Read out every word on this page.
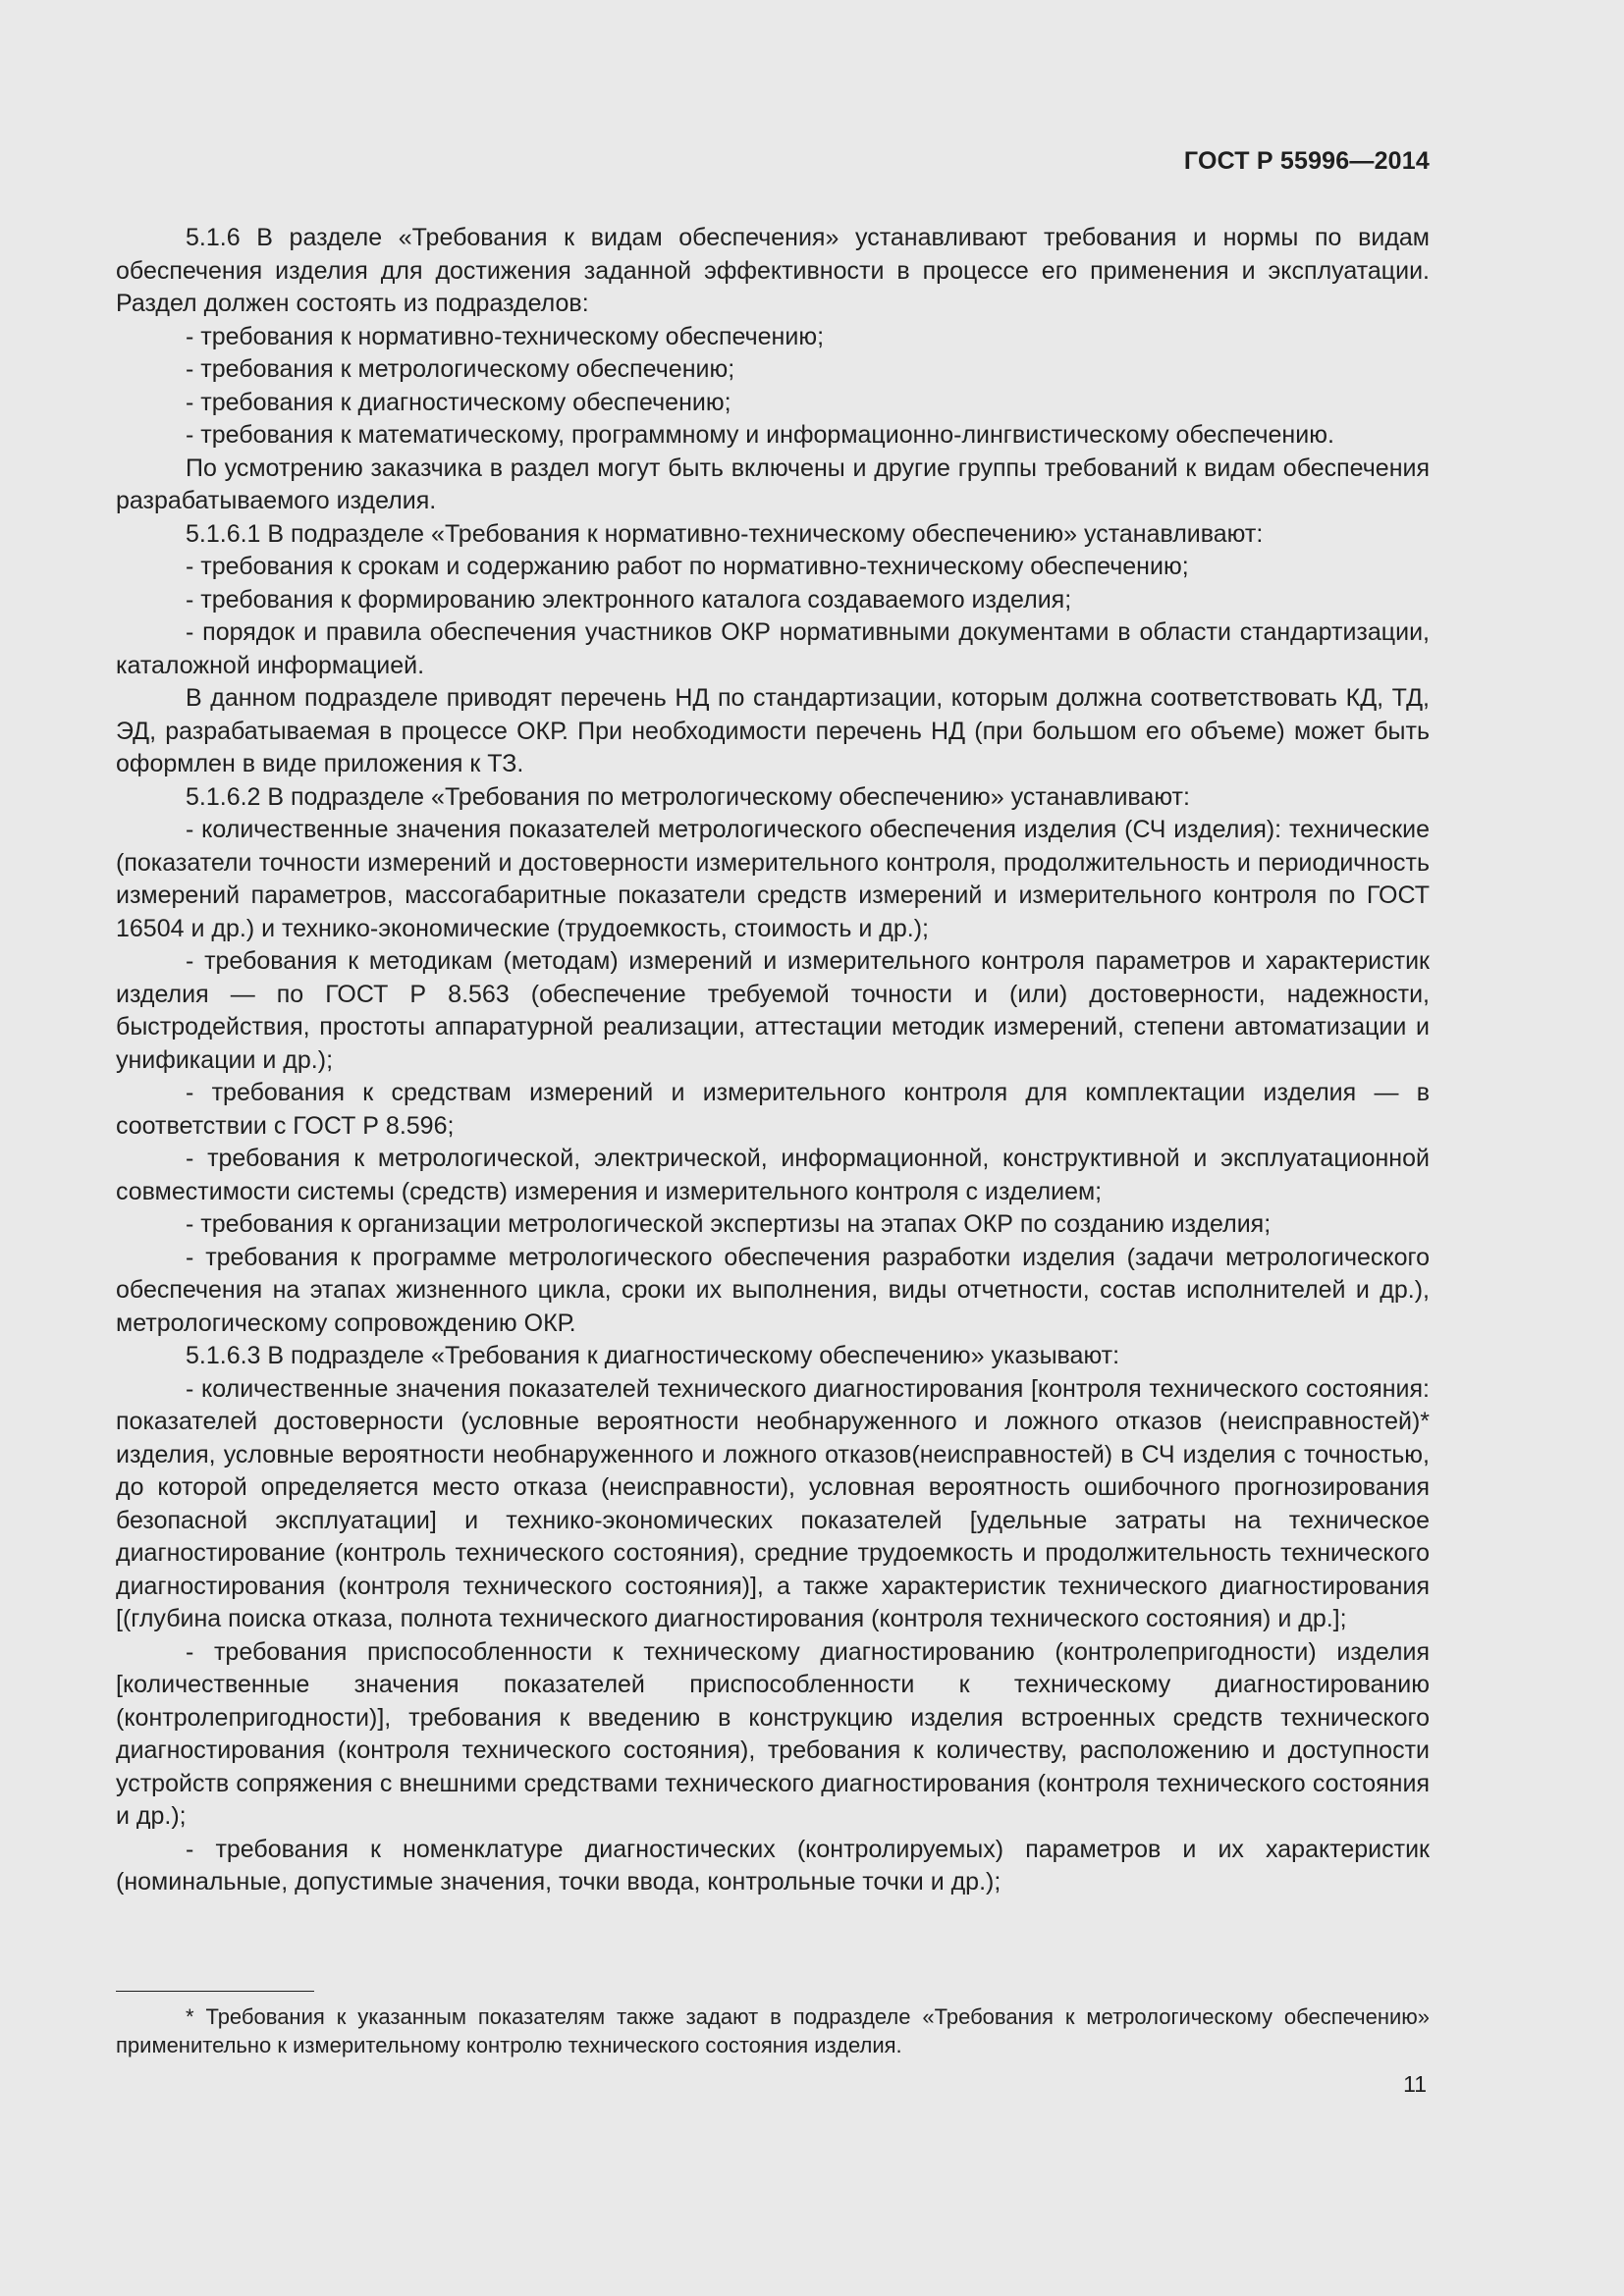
ГОСТ Р 55996—2014

5.1.6 В разделе «Требования к видам обеспечения» устанавливают требования и нормы по видам обеспечения изделия для достижения заданной эффективности в процессе его применения и эксплуатации. Раздел должен состоять из подразделов:

- требования к нормативно-техническому обеспечению;

- требования к метрологическому обеспечению;

- требования к диагностическому обеспечению;

- требования к математическому, программному и информационно-лингвистическому обеспечению.

По усмотрению заказчика в раздел могут быть включены и другие группы требований к видам обеспечения разрабатываемого изделия.

5.1.6.1 В подразделе «Требования к нормативно-техническому обеспечению» устанавливают:

- требования к срокам и содержанию работ по нормативно-техническому обеспечению;

- требования к формированию электронного каталога создаваемого изделия;

- порядок и правила обеспечения участников ОКР нормативными документами в области стандартизации, каталожной информацией.

В данном подразделе приводят перечень НД по стандартизации, которым должна соответствовать КД, ТД, ЭД, разрабатываемая в процессе ОКР. При необходимости перечень НД (при большом его объеме) может быть оформлен в виде приложения к ТЗ.

5.1.6.2 В подразделе «Требования по метрологическому обеспечению» устанавливают:

- количественные значения показателей метрологического обеспечения изделия (СЧ изделия): технические (показатели точности измерений и достоверности измерительного контроля, продолжительность и периодичность измерений параметров, массогабаритные показатели средств измерений и измерительного контроля по ГОСТ 16504 и др.) и технико-экономические (трудоемкость, стоимость и др.);

- требования к методикам (методам) измерений и измерительного контроля параметров и характеристик изделия — по ГОСТ Р 8.563 (обеспечение требуемой точности и (или) достоверности, надежности, быстродействия, простоты аппаратурной реализации, аттестации методик измерений, степени автоматизации и унификации и др.);

- требования к средствам измерений и измерительного контроля для комплектации изделия — в соответствии с ГОСТ Р 8.596;

- требования к метрологической, электрической, информационной, конструктивной и эксплуатационной совместимости системы (средств) измерения и измерительного контроля с изделием;

- требования к организации метрологической экспертизы на этапах ОКР по созданию изделия;

- требования к программе метрологического обеспечения разработки изделия (задачи метрологического обеспечения на этапах жизненного цикла, сроки их выполнения, виды отчетности, состав исполнителей и др.), метрологическому сопровождению ОКР.

5.1.6.3 В подразделе «Требования к диагностическому обеспечению» указывают:

- количественные значения показателей технического диагностирования [контроля технического состояния: показателей достоверности (условные вероятности необнаруженного и ложного отказов (неисправностей)* изделия, условные вероятности необнаруженного и ложного отказов(неисправностей) в СЧ изделия с точностью, до которой определяется место отказа (неисправности), условная вероятность ошибочного прогнозирования безопасной эксплуатации] и технико-экономических показателей [удельные затраты на техническое диагностирование (контроль технического состояния), средние трудоемкость и продолжительность технического диагностирования (контроля технического состояния)], а также характеристик технического диагностирования [(глубина поиска отказа, полнота технического диагностирования (контроля технического состояния) и др.];

- требования приспособленности к техническому диагностированию (контролепригодности) изделия [количественные значения показателей приспособленности к техническому диагностированию (контролепригодности)], требования к введению в конструкцию изделия встроенных средств технического диагностирования (контроля технического состояния), требования к количеству, расположению и доступности устройств сопряжения с внешними средствами технического диагностирования (контроля технического состояния и др.);

- требования к номенклатуре диагностических (контролируемых) параметров и их характеристик (номинальные, допустимые значения, точки ввода, контрольные точки и др.);

* Требования к указанным показателям также задают в подразделе «Требования к метрологическому обеспечению» применительно к измерительному контролю технического состояния изделия.

11
